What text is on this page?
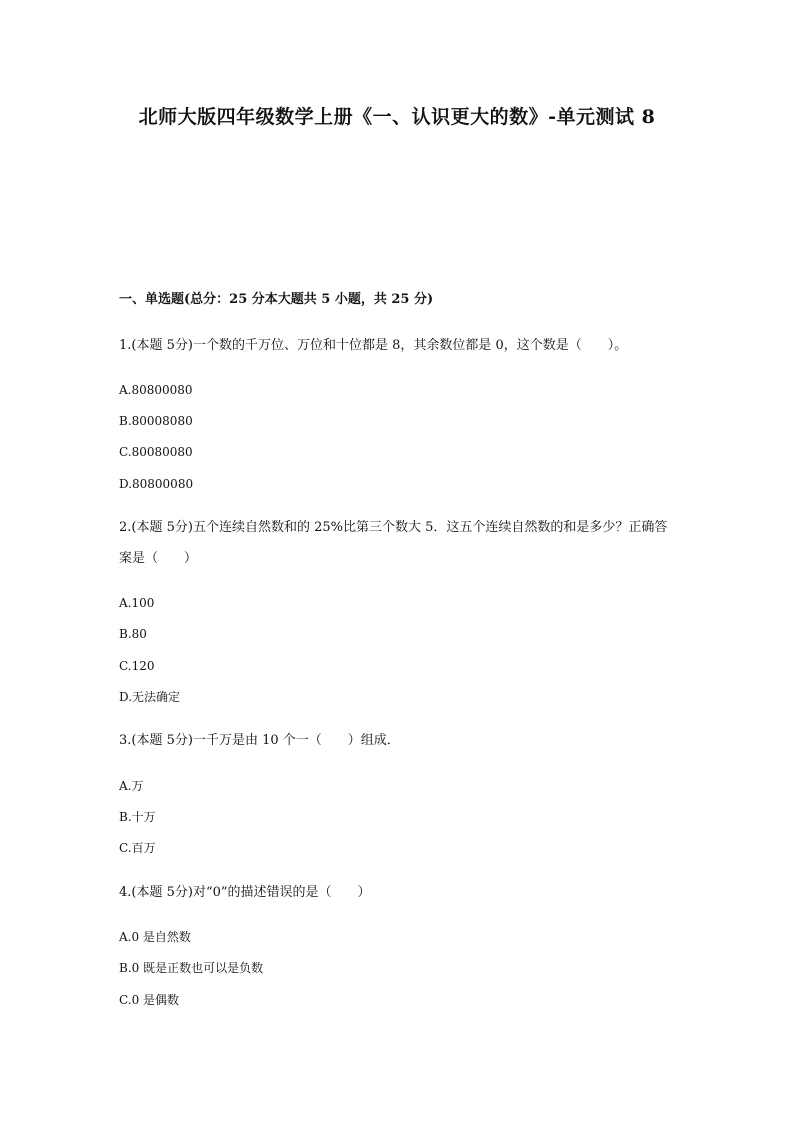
北师大版四年级数学上册《一、认识更大的数》-单元测试 8
一、单选题(总分：25 分本大题共 5 小题，共 25 分)
1.(本题 5分)一个数的千万位、万位和十位都是 8，其余数位都是 0，这个数是（　　）。
A.80800080
B.80008080
C.80080080
D.80800080
2.(本题 5分)五个连续自然数和的 25%比第三个数大 5．这五个连续自然数的和是多少？正确答案是（　　）
A.100
B.80
C.120
D.无法确定
3.(本题 5分)一千万是由 10 个一（　　）组成．
A.万
B.十万
C.百万
4.(本题 5分)对“0”的描述错误的是（　　）
A.0 是自然数
B.0 既是正数也可以是负数
C.0 是偶数
